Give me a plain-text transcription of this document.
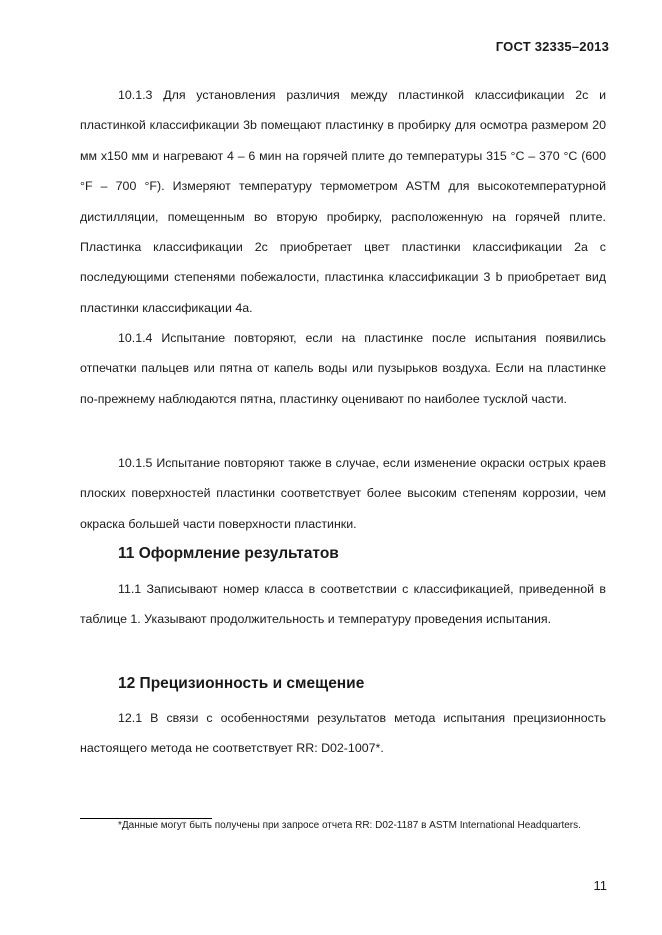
ГОСТ 32335–2013

10.1.3 Для установления различия между пластинкой классификации 2c и пластинкой классификации 3b помещают пластинку в пробирку для осмотра размером 20 мм х150 мм и нагревают 4 – 6 мин на горячей плите до температуры 315 °С – 370 °С (600 °F – 700 °F). Измеряют температуру термометром ASTM для высокотемпературной дистилляции, помещенным во вторую пробирку, расположенную на горячей плите. Пластинка классификации 2c приобретает цвет пластинки классификации 2a с последующими степенями побежалости, пластинка классификации 3 b приобретает вид пластинки классификации 4a.

10.1.4 Испытание повторяют, если на пластинке после испытания появились отпечатки пальцев или пятна от капель воды или пузырьков воздуха. Если на пластинке по-прежнему наблюдаются пятна, пластинку оценивают по наиболее тусклой части.

10.1.5 Испытание повторяют также в случае, если изменение окраски острых краев плоских поверхностей пластинки соответствует более высоким степеням коррозии, чем окраска большей части поверхности пластинки.

11 Оформление результатов

11.1 Записывают номер класса в соответствии с классификацией, приведенной в таблице 1. Указывают продолжительность и температуру проведения испытания.

12 Прецизионность и смещение

12.1 В связи с особенностями результатов метода испытания прецизионность настоящего метода не соответствует RR: D02-1007*.

*Данные могут быть получены при запросе отчета RR: D02-1187 в ASTM International Headquarters.

11
